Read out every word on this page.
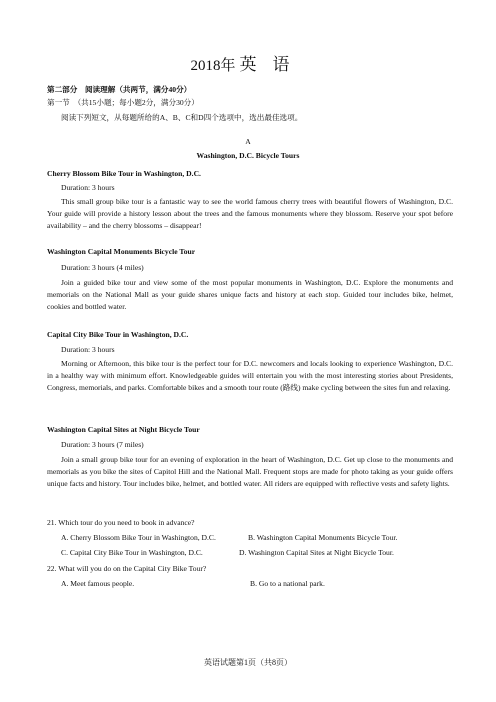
2018年 英语
第二部分　阅读理解（共两节，满分40分）
第一节　（共15小题；每小题2分，满分30分）
阅读下列短文，从每题所给的A、B、C和D四个选项中，选出最佳选项。
A
Washington, D.C. Bicycle Tours
Cherry Blossom Bike Tour in Washington, D.C.
Duration: 3 hours
This small group bike tour is a fantastic way to see the world famous cherry trees with beautiful flowers of Washington, D.C. Your guide will provide a history lesson about the trees and the famous monuments where they blossom. Reserve your spot before availability – and the cherry blossoms – disappear!
Washington Capital Monuments Bicycle Tour
Duration: 3 hours (4 miles)
Join a guided bike tour and view some of the most popular monuments in Washington, D.C. Explore the monuments and memorials on the National Mall as your guide shares unique facts and history at each stop. Guided tour includes bike, helmet, cookies and bottled water.
Capital City Bike Tour in Washington, D.C.
Duration: 3 hours
Morning or Afternoon, this bike tour is the perfect tour for D.C. newcomers and locals looking to experience Washington, D.C. in a healthy way with minimum effort. Knowledgeable guides will entertain you with the most interesting stories about Presidents, Congress, memorials, and parks. Comfortable bikes and a smooth tour route (路线) make cycling between the sites fun and relaxing.
Washington Capital Sites at Night Bicycle Tour
Duration: 3 hours (7 miles)
Join a small group bike tour for an evening of exploration in the heart of Washington, D.C. Get up close to the monuments and memorials as you bike the sites of Capitol Hill and the National Mall. Frequent stops are made for photo taking as your guide offers unique facts and history. Tour includes bike, helmet, and bottled water. All riders are equipped with reflective vests and safety lights.
21. Which tour do you need to book in advance?
A. Cherry Blossom Bike Tour in Washington, D.C.	B. Washington Capital Monuments Bicycle Tour.
C. Capital City Bike Tour in Washington, D.C.	D. Washington Capital Sites at Night Bicycle Tour.
22. What will you do on the Capital City Bike Tour?
A. Meet famous people.	B. Go to a national park.
英语试题第1页（共8页）
